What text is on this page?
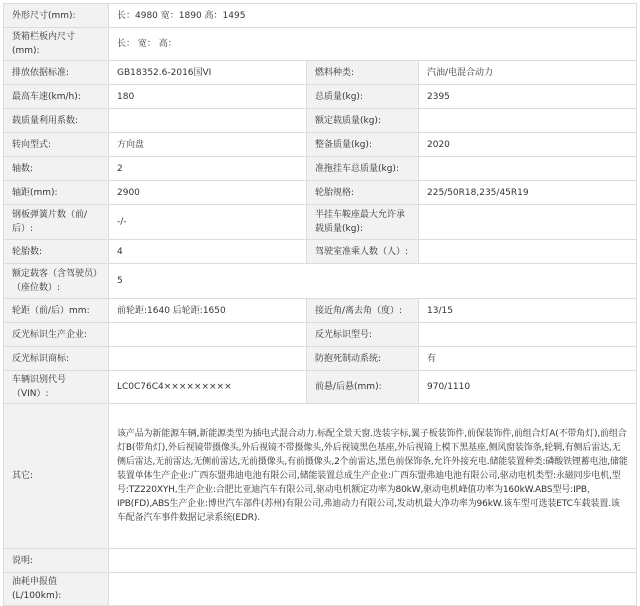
外形尺寸(mm):	长：4980 宽：1890 高：1495		
货箱栏板内尺寸(mm):	长： 宽： 高：		
排放依据标准:	GB18352.6-2016国VI	燃料种类:	汽油/电混合动力
最高车速(km/h):	180	总质量(kg):	2395
载质量利用系数:		额定载质量(kg):	
转向型式:	方向盘	整备质量(kg):	2020
轴数:	2	准拖挂车总质量(kg):	
轴距(mm):	2900	轮胎规格:	225/50R18,235/45R19
钢板弹簧片数（前/后）:	-/-	半挂车鞍座最大允许承载质量(kg):	
轮胎数:	4	驾驶室准乘人数（人）:	
额定载客（含驾驶员）（座位数）:	5		
轮距（前/后）mm:	前轮距:1640 后轮距:1650	接近角/离去角（度）:	13/15
反光标识生产企业:		反光标识型号:	
反光标识商标:		防抱死制动系统:	有
车辆识别代号（VIN）:	LC0C76C4×××××××××	前悬/后悬(mm):	970/1110
其它:	该产品为新能源车辆,新能源类型为插电式混合动力.标配全景天窗.选装字标,翼子板装饰件,前保装饰件,前组合灯A(不带角灯),前组合灯B(带角灯),外后视镜带摄像头,外后视镜不带摄像头,外后视镜黑色基座,外后视镜上模下黑基座,侧风窗装饰条,轮辋,有侧后雷达,无侧后雷达,无前雷达,无侧前雷达,无前摄像头,有前摄像头,2个前雷达,黑色前保饰条,允许外接充电.储能装置种类:磷酸铁锂蓄电池,储能装置单体生产企业:广西东盟弗迪电池有限公司,储能装置总成生产企业:广西东盟弗迪电池有限公司,驱动电机类型:永磁同步电机,型号:TZ220XYH,生产企业:合肥比亚迪汽车有限公司,驱动电机额定功率为80kW,驱动电机峰值功率为160kW.ABS型号:IPB，IPB(FD),ABS生产企业:博世汽车部件(苏州)有限公司,弗迪动力有限公司,发动机最大净功率为96kW.该车型可选装ETC车载装置.该车配备汽车事件数据记录系统(EDR).		
说明:			
油耗申报值(L/100km):			
